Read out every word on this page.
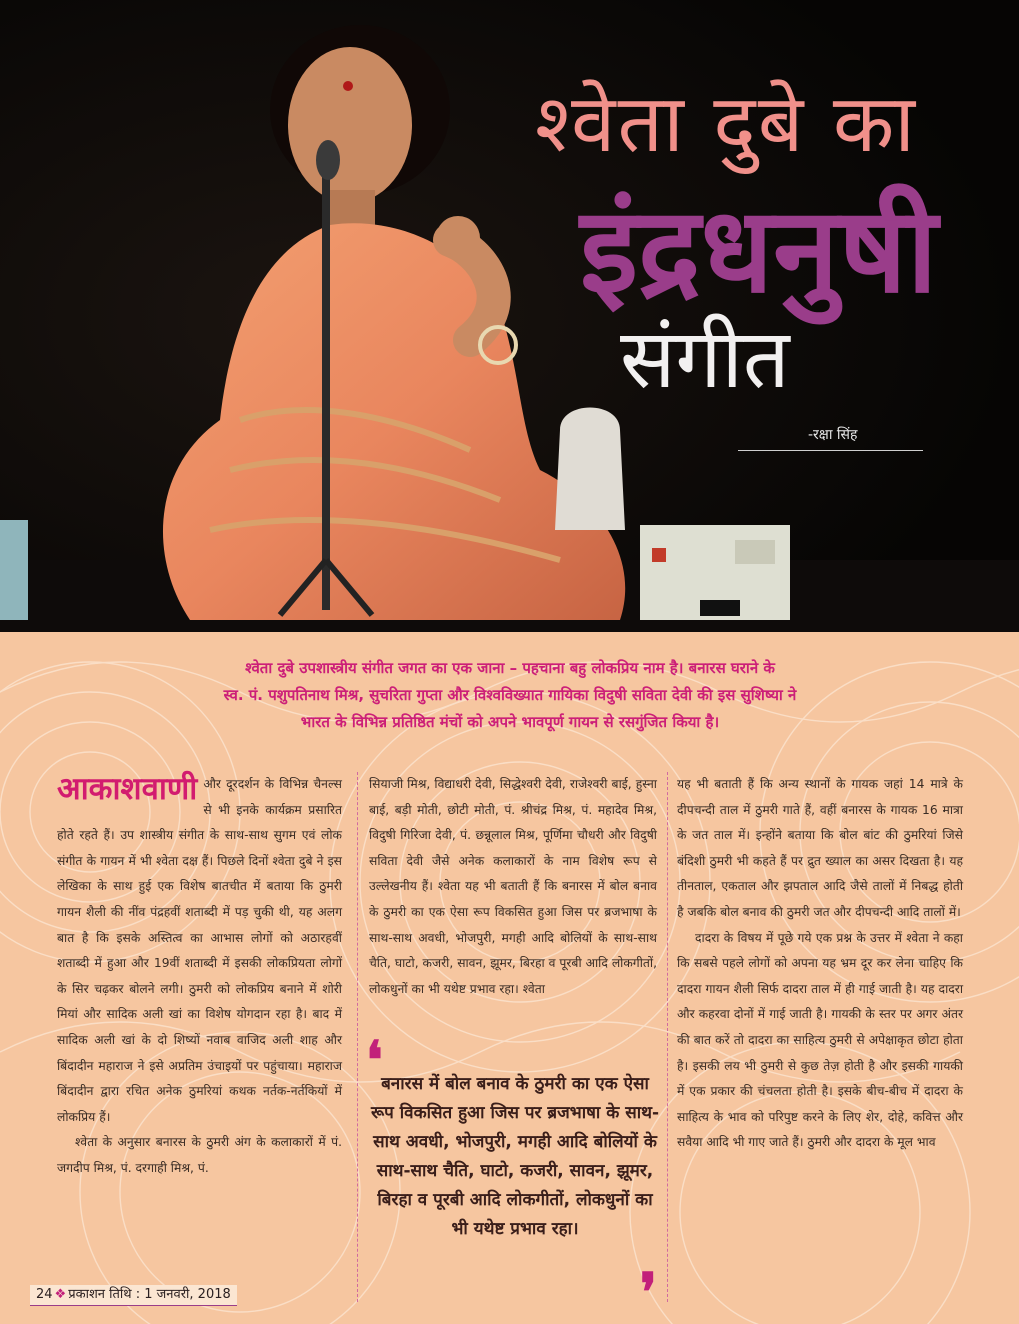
श्वेता दुबे का
इंद्रधनुषी
संगीत
-रक्षा सिंह
श्वेता दुबे उपशास्त्रीय संगीत जगत का एक जाना – पहचाना बहु लोकप्रिय नाम है। बनारस घराने के
स्व. पं. पशुपतिनाथ मिश्र, सुचरिता गुप्ता और विश्वविख्यात गायिका विदुषी सविता देवी की इस सुशिष्या ने
भारत के विभिन्न प्रतिष्ठित मंचों को अपने भावपूर्ण गायन से रसगुंजित किया है।
आकाशवाणी और दूरदर्शन के विभिन्न चैनल्स से भी इनके कार्यक्रम प्रसारित होते रहते हैं। उप शास्त्रीय संगीत के साथ-साथ सुगम एवं लोक संगीत के गायन में भी श्वेता दक्ष हैं। पिछले दिनों श्वेता दुबे ने इस लेखिका के साथ हुई एक विशेष बातचीत में बताया कि ठुमरी गायन शैली की नींव पंद्रहवीं शताब्दी में पड़ चुकी थी, यह अलग बात है कि इसके अस्तित्व का आभास लोगों को अठारहवीं शताब्दी में हुआ और 19वीं शताब्दी में इसकी लोकप्रियता लोगों के सिर चढ़कर बोलने लगी। ठुमरी को लोकप्रिय बनाने में शोरी मियां और सादिक अली खां का विशेष योगदान रहा है। बाद में सादिक अली खां के दो शिष्यों नवाब वाजिद अली शाह और बिंदादीन महाराज ने इसे अप्रतिम उंचाइयों पर पहुंचाया। महाराज बिंदादीन द्वारा रचित अनेक ठुमरियां कथक नर्तक-नर्तकियों में लोकप्रिय हैं।
श्वेता के अनुसार बनारस के ठुमरी अंग के कलाकारों में पं. जगदीप मिश्र, पं. दरगाही मिश्र, पं.
सियाजी मिश्र, विद्याधरी देवी, सिद्धेश्वरी देवी, राजेश्वरी बाई, हुस्ना बाई, बड़ी मोती, छोटी मोती, पं. श्रीचंद्र मिश्र, पं. महादेव मिश्र, विदुषी गिरिजा देवी, पं. छन्नूलाल मिश्र, पूर्णिमा चौधरी और विदुषी सविता देवी जैसे अनेक कलाकारों के नाम विशेष रूप से उल्लेखनीय हैं। श्वेता यह भी बताती हैं कि बनारस में बोल बनाव के ठुमरी का एक ऐसा रूप विकसित हुआ जिस पर ब्रजभाषा के साथ-साथ अवधी, भोजपुरी, मगही आदि बोलियों के साथ-साथ चैति, घाटो, कजरी, सावन, झूमर, बिरहा व पूरबी आदि लोकगीतों, लोकधुनों का भी यथेष्ट प्रभाव रहा। श्वेता
❛
बनारस में बोल बनाव के ठुमरी का एक ऐसा रूप विकसित हुआ जिस पर ब्रजभाषा के साथ-साथ अवधी, भोजपुरी, मगही आदि बोलियों के साथ-साथ चैति, घाटो, कजरी, सावन, झूमर, बिरहा व पूरबी आदि लोकगीतों, लोकधुनों का भी यथेष्ट प्रभाव रहा।
❜
यह भी बताती हैं कि अन्य स्थानों के गायक जहां 14 मात्रे के दीपचन्दी ताल में ठुमरी गाते हैं, वहीं बनारस के गायक 16 मात्रा के जत ताल में। इन्होंने बताया कि बोल बांट की ठुमरियां जिसे बंदिशी ठुमरी भी कहते हैं पर द्रुत ख्याल का असर दिखता है। यह तीनताल, एकताल और झपताल आदि जैसे तालों में निबद्ध होती है जबकि बोल बनाव की ठुमरी जत और दीपचन्दी आदि तालों में।
दादरा के विषय में पूछे गये एक प्रश्न के उत्तर में श्वेता ने कहा कि सबसे पहले लोगों को अपना यह भ्रम दूर कर लेना चाहिए कि दादरा गायन शैली सिर्फ दादरा ताल में ही गाई जाती है। यह दादरा और कहरवा दोनों में गाई जाती है। गायकी के स्तर पर अगर अंतर की बात करें तो दादरा का साहित्य ठुमरी से अपेक्षाकृत छोटा होता है। इसकी लय भी ठुमरी से कुछ तेज़ होती है और इसकी गायकी में एक प्रकार की चंचलता होती है। इसके बीच-बीच में दादरा के साहित्य के भाव को परिपुष्ट करने के लिए शेर, दोहे, कवित्त और सवैया आदि भी गाए जाते हैं। ठुमरी और दादरा के मूल भाव
24 ❖ प्रकाशन तिथि : 1 जनवरी, 2018
